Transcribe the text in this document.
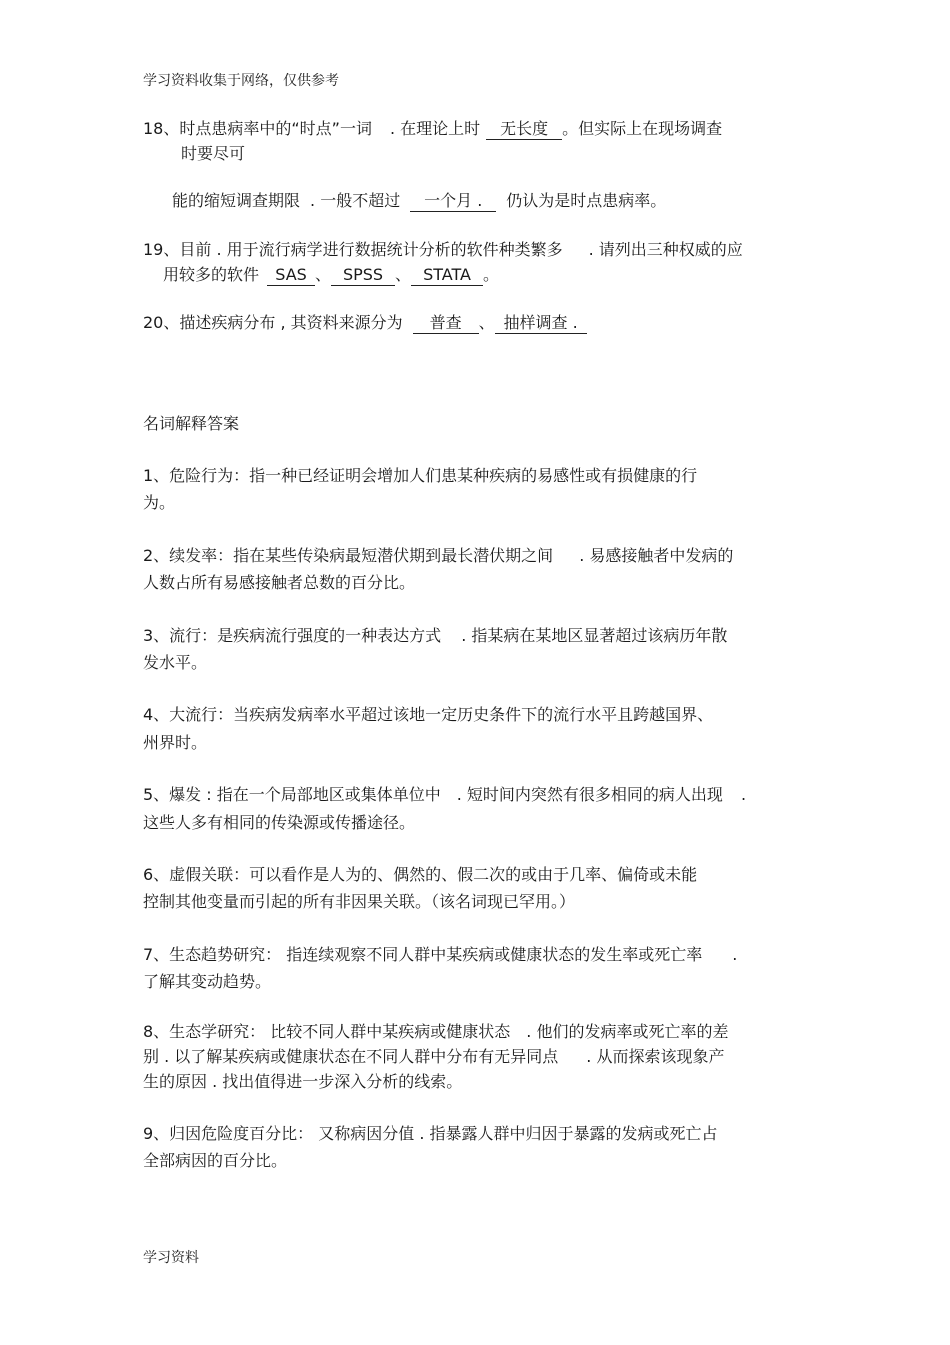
学习资料收集于网络，仅供参考
18、时点患病率中的“时点”一词 . 在理论上时 无长度 。但实际上在现场调查
时要尽可
能的缩短调查期限 . 一般不超过 一个月 . 仍认为是时点患病率。
19、目前 . 用于流行病学进行数据统计分析的软件种类繁多 . 请列出三种权威的应
用较多的软件 SAS 、 SPSS 、 STATA 。
20、描述疾病分布 , 其资料来源分为 普查 、 抽样调查 .
名词解释答案
1、危险行为：指一种已经证明会增加人们患某种疾病的易感性或有损健康的行
为。
2、续发率：指在某些传染病最短潜伏期到最长潜伏期之间 . 易感接触者中发病的
人数占所有易感接触者总数的百分比。
3、流行：是疾病流行强度的一种表达方式 . 指某病在某地区显著超过该病历年散
发水平。
4、大流行：当疾病发病率水平超过该地一定历史条件下的流行水平且跨越国界、
州界时。
5、爆发 : 指在一个局部地区或集体单位中 . 短时间内突然有很多相同的病人出现 .
这些人多有相同的传染源或传播途径。
6、虚假关联：可以看作是人为的、偶然的、假二次的或由于几率、偏倚或未能
控制其他变量而引起的所有非因果关联。（该名词现已罕用。）
7、生态趋势研究： 指连续观察不同人群中某疾病或健康状态的发生率或死亡率 .
了解其变动趋势。
8、生态学研究： 比较不同人群中某疾病或健康状态 . 他们的发病率或死亡率的差
别 . 以了解某疾病或健康状态在不同人群中分布有无异同点 . 从而探索该现象产
生的原因 . 找出值得进一步深入分析的线索。
9、归因危险度百分比： 又称病因分值 . 指暴露人群中归因于暴露的发病或死亡占
全部病因的百分比。
学习资料
